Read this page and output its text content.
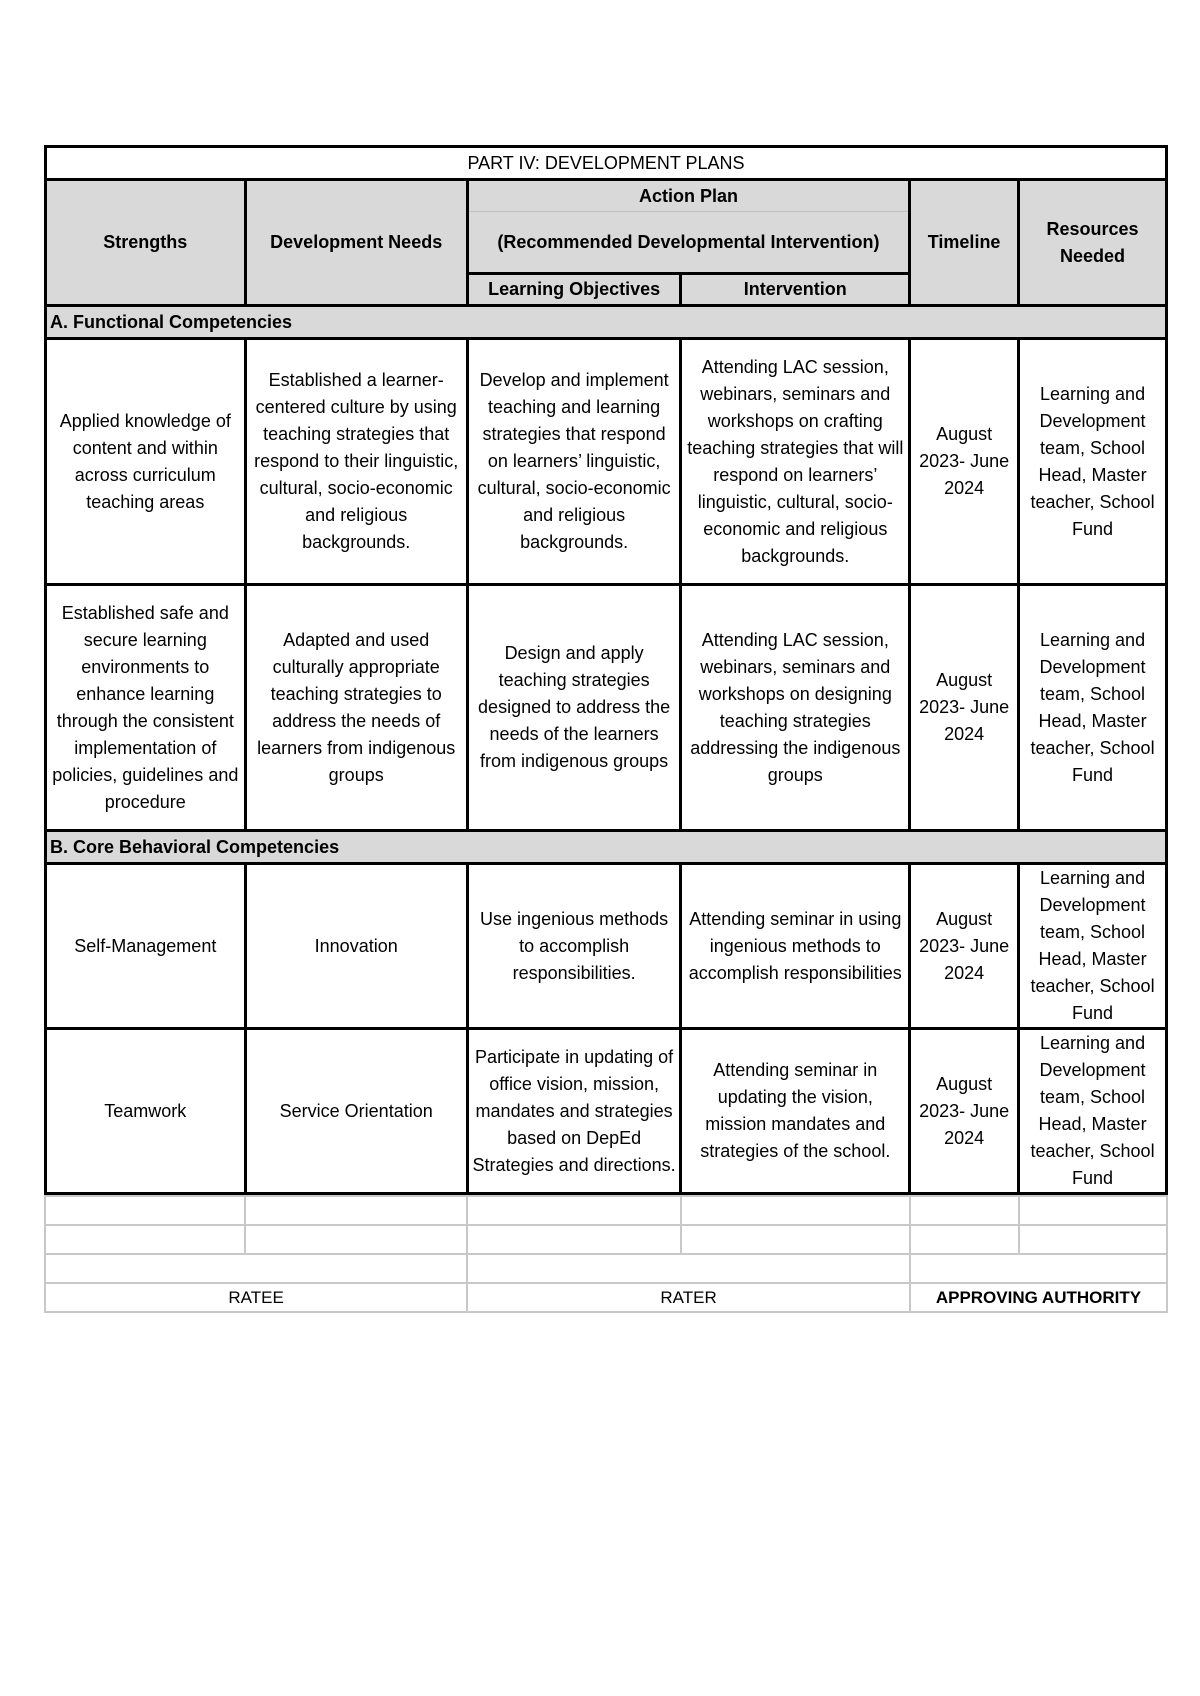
PART IV: DEVELOPMENT PLANS					
Strengths	Development Needs	Action Plan		Timeline	Resources Needed
		(Recommended Developmental Intervention)			
		Learning Objectives	Intervention		
A. Functional Competencies					
Applied knowledge of content and within across curriculum teaching areas	Established a learner-centered culture by using teaching strategies that respond to their linguistic, cultural, socio-economic and religious backgrounds.	Develop and implement teaching and learning strategies that respond on learners’ linguistic, cultural, socio-economic and religious backgrounds.	Attending LAC session, webinars, seminars and workshops on crafting teaching strategies that will respond on learners’ linguistic, cultural, socio-economic and religious backgrounds.	August 2023- June 2024	Learning and Development team, School Head, Master teacher, School Fund
Established safe and secure learning environments to enhance learning through the consistent implementation of policies, guidelines and procedure	Adapted and used culturally appropriate teaching strategies to address the needs of learners from indigenous groups	Design and apply teaching strategies designed to address the needs of the learners from indigenous groups	Attending LAC session, webinars, seminars and workshops on designing teaching strategies addressing the indigenous groups	August 2023- June 2024	Learning and Development team, School Head, Master teacher, School Fund
B. Core Behavioral Competencies					
Self-Management	Innovation	Use ingenious methods to accomplish responsibilities.	Attending seminar in using ingenious methods to accomplish responsibilities	August 2023- June 2024	Learning and Development team, School Head, Master teacher, School Fund
Teamwork	Service Orientation	Participate in updating of office vision, mission, mandates and strategies based on DepEd Strategies and directions.	Attending seminar in updating the vision, mission mandates and strategies of the school.	August 2023- June 2024	Learning and Development team, School Head, Master teacher, School Fund

RATEE		RATER		APPROVING AUTHORITY	
